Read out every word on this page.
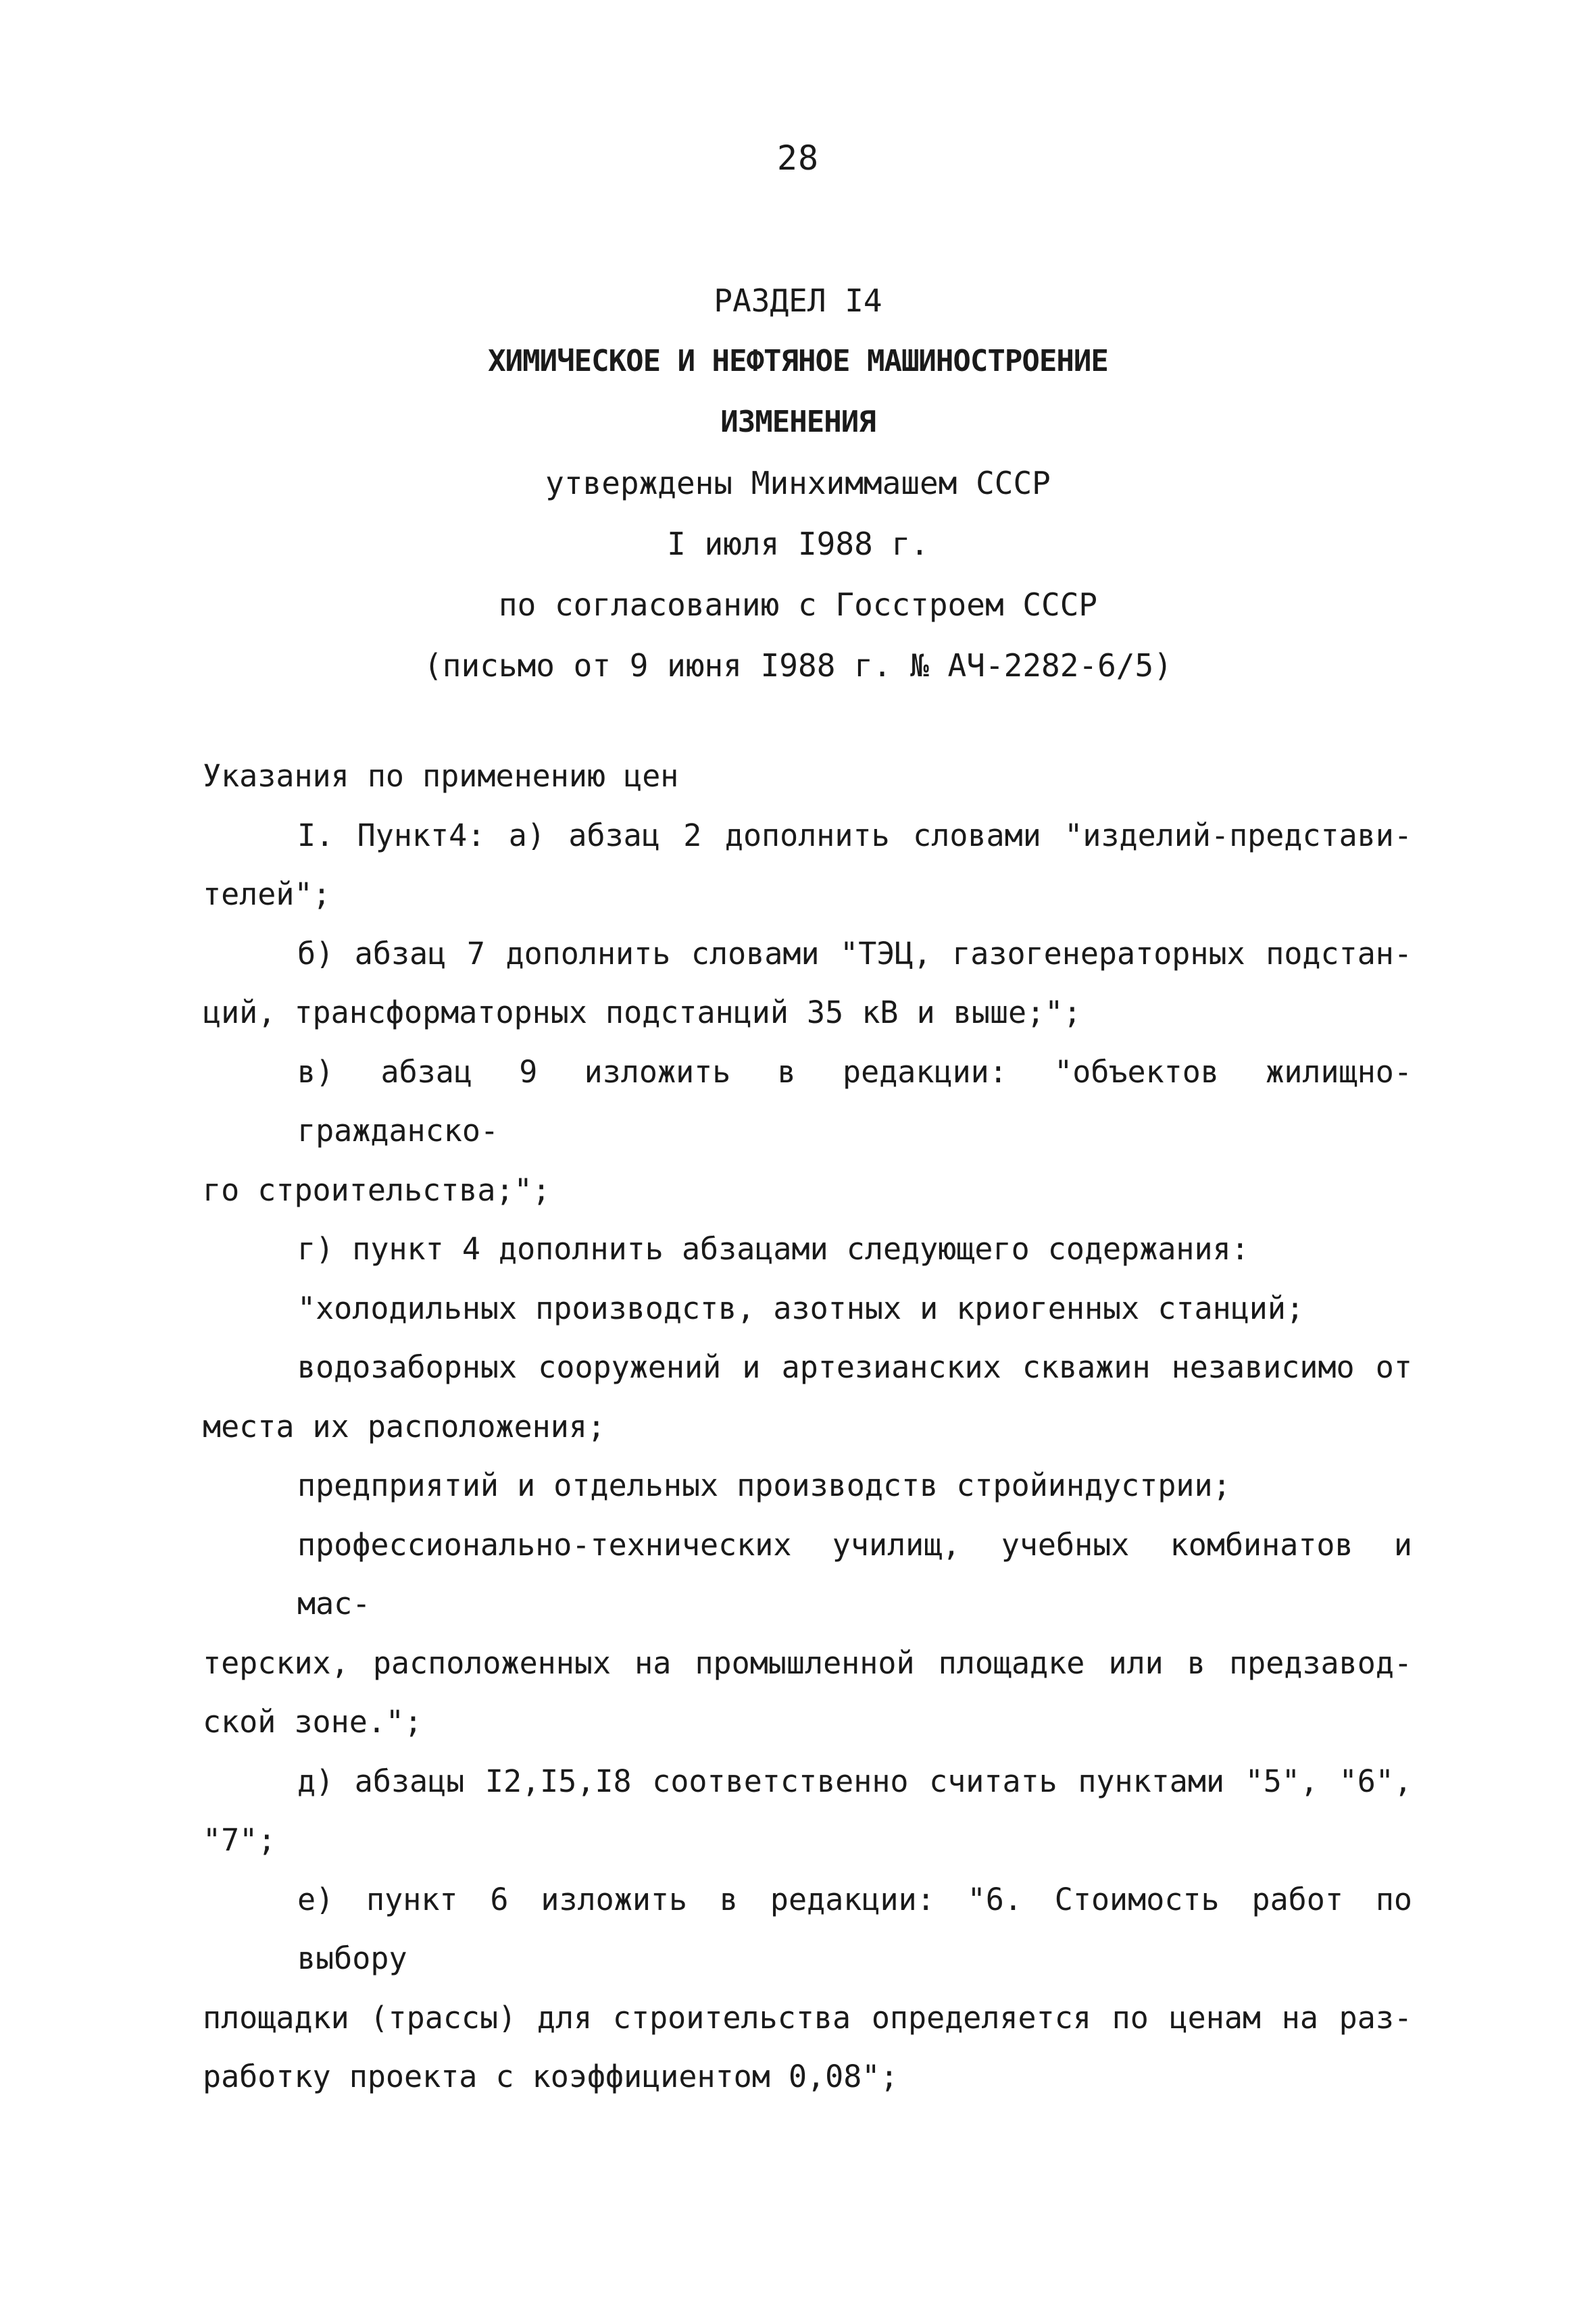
28
РАЗДЕЛ I4
ХИМИЧЕСКОЕ И НЕФТЯНОЕ МАШИНОСТРОЕНИЕ
ИЗМЕНЕНИЯ
утверждены Минхиммашем СССР
I июля I988 г.
по согласованию с Госстроем СССР
(письмо от 9 июня I988 г. № АЧ-2282-6/5)

Указания по применению цен

I. Пункт4: а) абзац 2 дополнить словами "изделий-представи-

телей";

б) абзац 7 дополнить словами "ТЭЦ, газогенераторных подстан-

ций, трансформаторных подстанций 35 кВ и выше;";

в) абзац 9 изложить в редакции: "объектов жилищно-гражданско-

го строительства;";

г) пункт 4 дополнить абзацами следующего содержания:

"холодильных производств, азотных и криогенных станций;

водозаборных сооружений и артезианских скважин независимо от

места их расположения;

предприятий и отдельных производств стройиндустрии;

профессионально-технических училищ, учебных комбинатов и мас-

терских, расположенных на промышленной площадке или в предзавод-

ской зоне.";

д) абзацы I2,I5,I8 соответственно считать пунктами "5", "6",

"7";

е) пункт 6 изложить в редакции: "6. Стоимость работ по выбору

площадки (трассы) для строительства определяется по ценам на раз-

работку проекта с коэффициентом 0,08";
